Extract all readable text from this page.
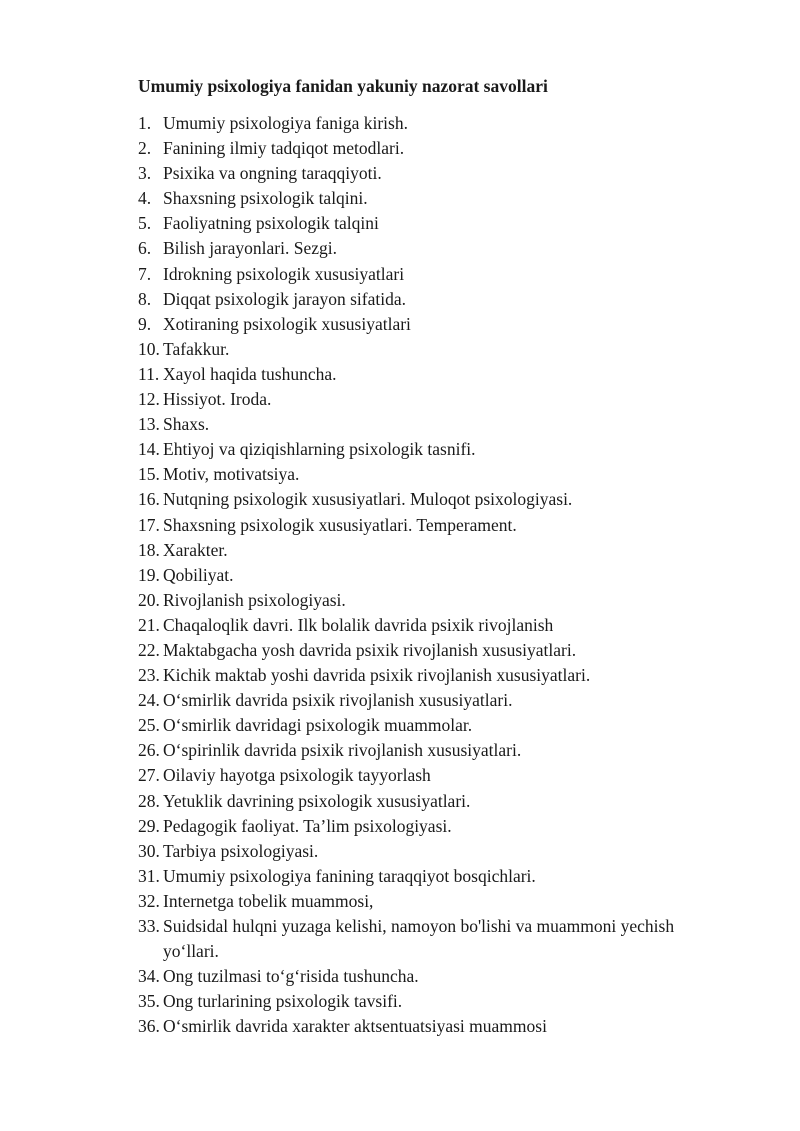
Umumiy psixologiya fanidan yakuniy nazorat savollari
1. Umumiy psixologiya faniga kirish.
2. Fanining ilmiy tadqiqot metodlari.
3. Psixika va ongning taraqqiyoti.
4. Shaxsning psixologik talqini.
5. Faoliyatning psixologik talqini
6. Bilish jarayonlari. Sezgi.
7. Idrokning psixologik xususiyatlari
8. Diqqat psixologik jarayon sifatida.
9. Xotiraning psixologik xususiyatlari
10. Tafakkur.
11. Xayol haqida tushuncha.
12. Hissiyot. Iroda.
13. Shaxs.
14. Ehtiyoj va qiziqishlarning psixologik tasnifi.
15. Motiv, motivatsiya.
16. Nutqning psixologik xususiyatlari. Muloqot psixologiyasi.
17. Shaxsning psixologik xususiyatlari. Temperament.
18. Xarakter.
19. Qobiliyat.
20. Rivojlanish psixologiyasi.
21. Chaqaloqlik davri. Ilk bolalik davrida psixik rivojlanish
22. Maktabgacha yosh davrida psixik rivojlanish xususiyatlari.
23. Kichik maktab yoshi davrida psixik rivojlanish xususiyatlari.
24. O‘smirlik davrida psixik rivojlanish xususiyatlari.
25. O‘smirlik davridagi psixologik muammolar.
26. O‘spirinlik davrida psixik rivojlanish xususiyatlari.
27. Oilaviy hayotga psixologik tayyorlash
28. Yetuklik davrining psixologik xususiyatlari.
29. Pedagogik faoliyat. Ta’lim psixologiyasi.
30. Tarbiya psixologiyasi.
31. Umumiy psixologiya fanining taraqqiyot bosqichlari.
32. Internetga tobelik muammosi,
33. Suidsidal hulqni yuzaga kelishi, namoyon bo'lishi va muammoni yechish yo‘llari.
34. Ong tuzilmasi to‘g‘risida tushuncha.
35. Ong turlarining psixologik tavsifi.
36. O‘smirlik davrida xarakter aktsentuatsiyasi muammosi
